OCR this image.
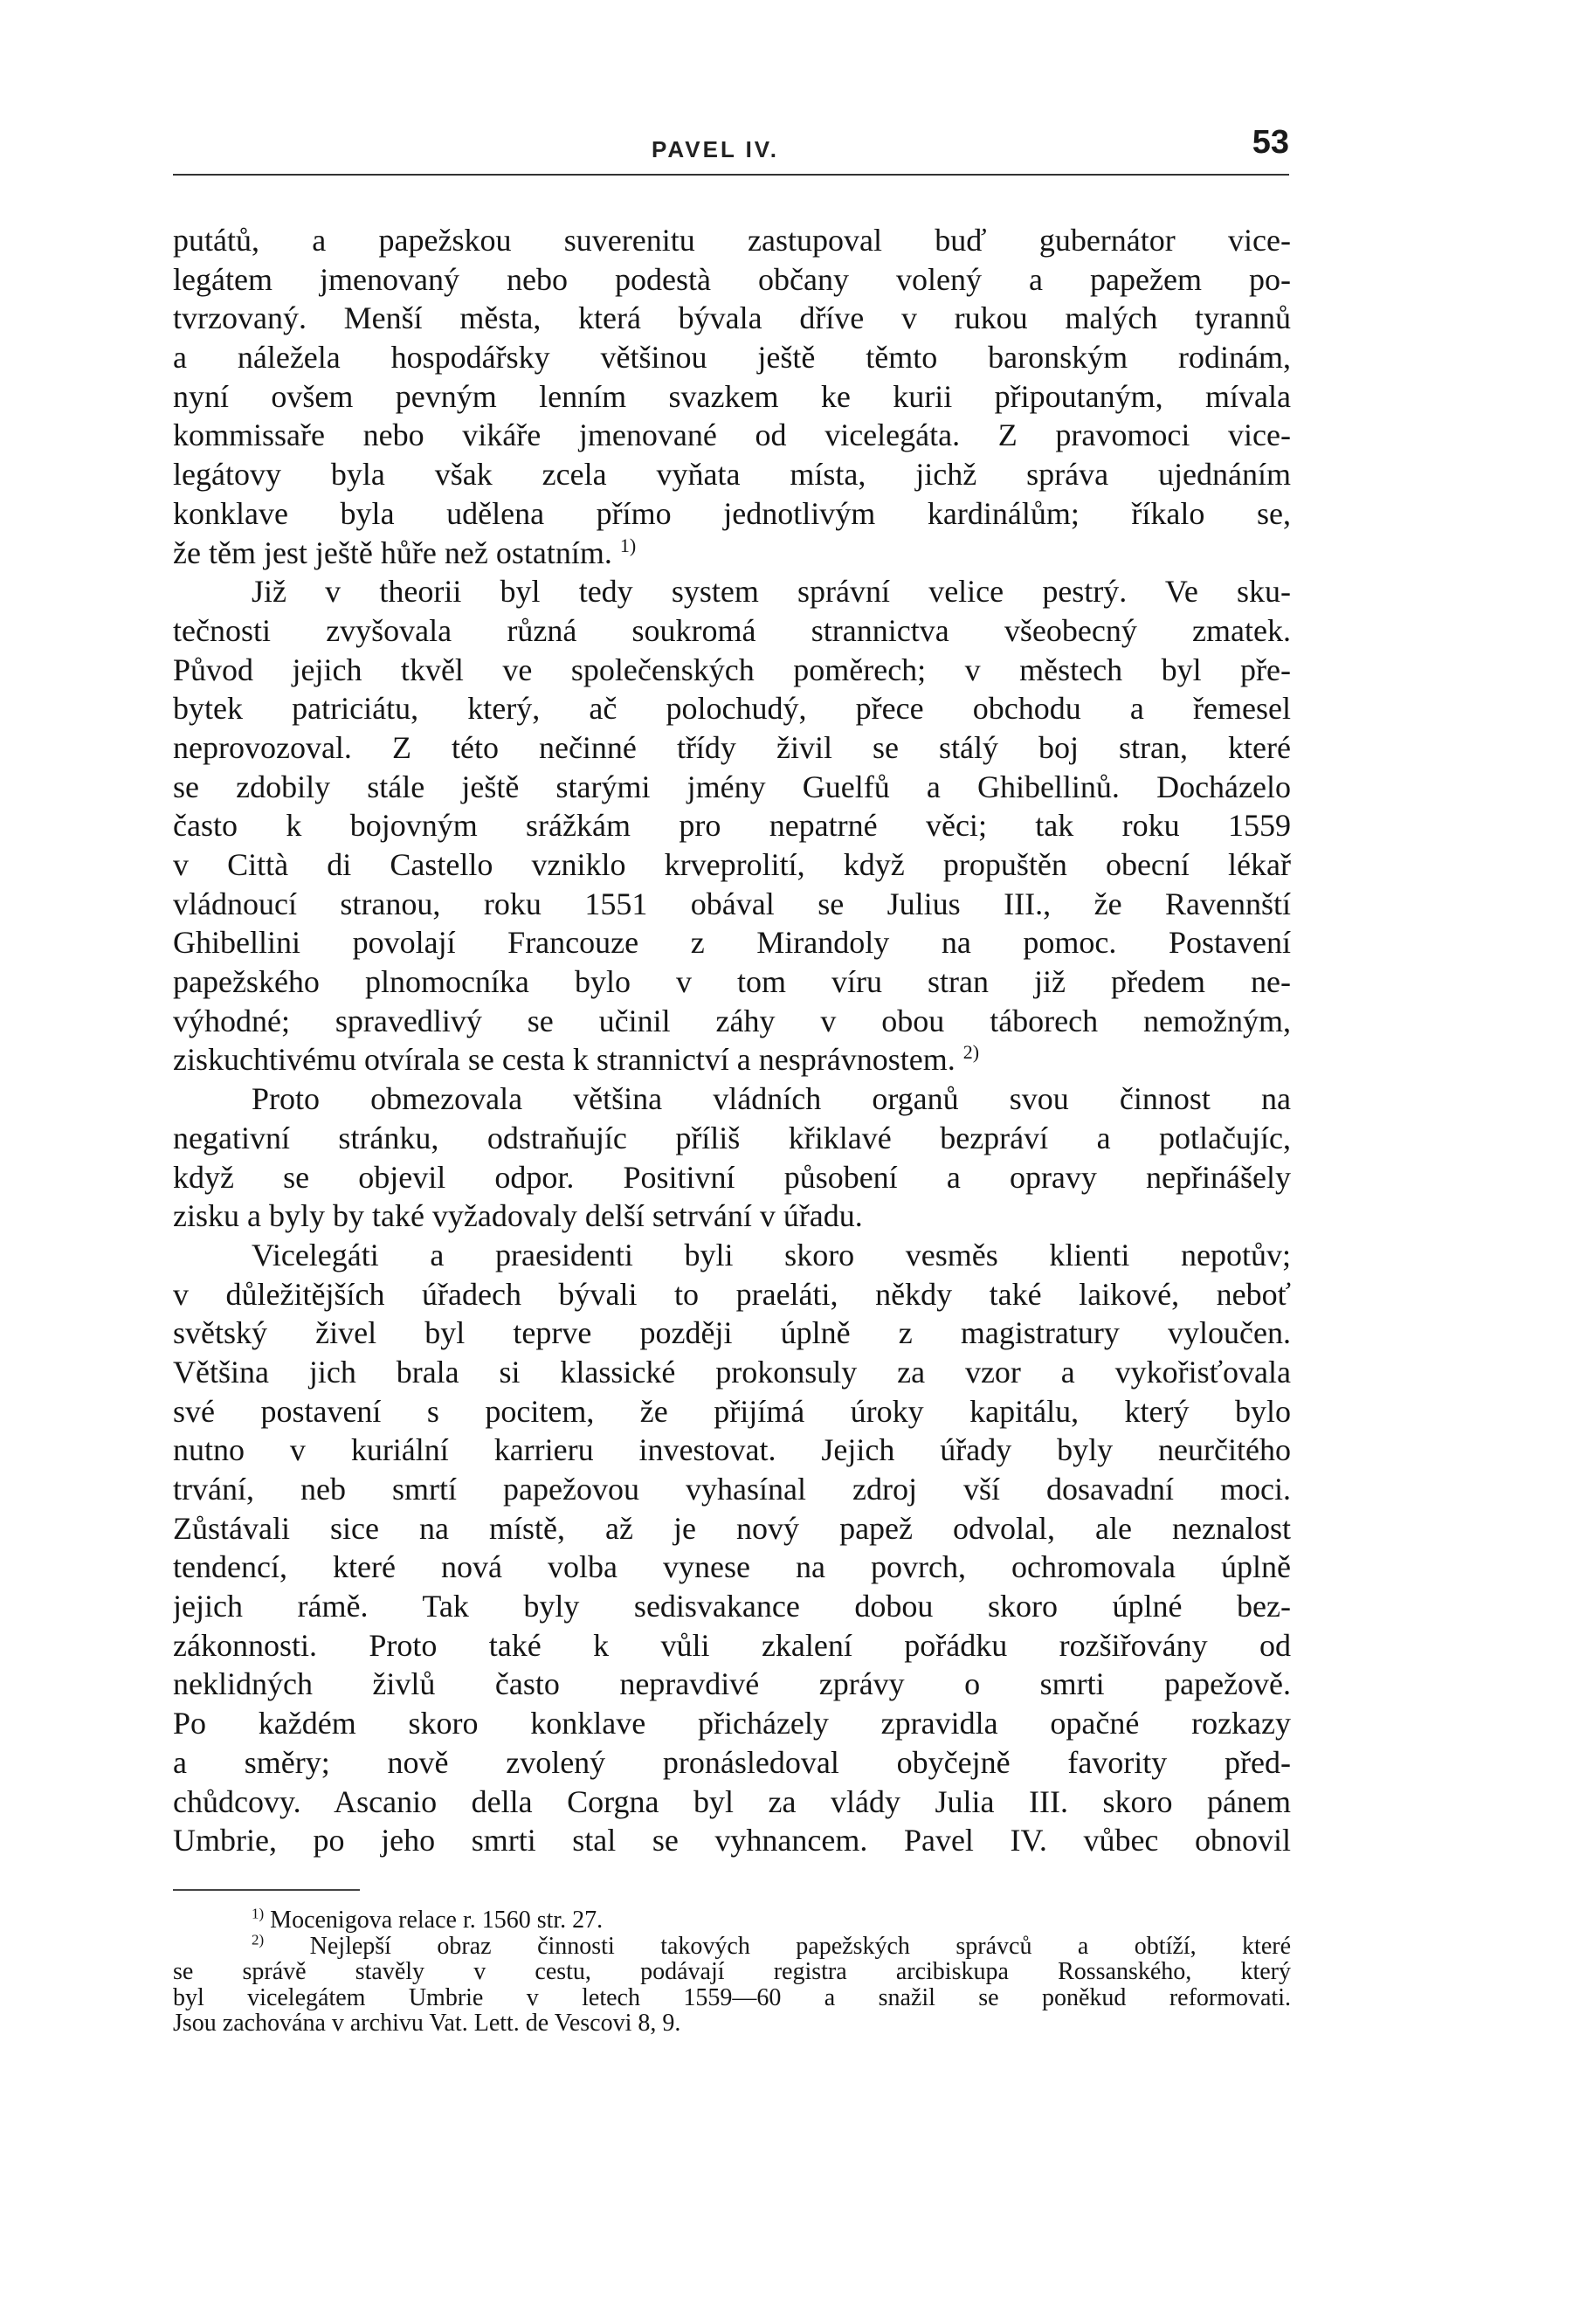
PAVEL IV.	53
putátů, a papežskou suverenitu zastupoval buď gubernátor vice-
legátem jmenovaný nebo podestà občany volený a papežem po-
tvrzovaný. Menší města, která bývala dříve v rukou malých tyrannů
a náležela hospodářsky většinou ještě těmto baronským rodinám,
nyní ovšem pevným lenním svazkem ke kurii připoutaným, mívala
kommissaře nebo vikáře jmenované od vicelegáta. Z pravomoci vice-
legátovy byla však zcela vyňata místa, jichž správa ujednáním
konklave byla udělena přímo jednotlivým kardinálům; říkalo se,
že těm jest ještě hůře než ostatním. $^{1)}$
Již v theorii byl tedy system správní velice pestrý. Ve sku-
tečnosti zvyšovala různá soukromá strannictva všeobecný zmatek.
Původ jejich tkvěl ve společenských poměrech; v městech byl pře-
bytek patriciátu, který, ač polochudý, přece obchodu a řemesel
neprovozoval. Z této nečinné třídy živil se stálý boj stran, které
se zdobily stále ještě starými jmény Guelfů a Ghibellinů. Docházelo
často k bojovným srážkám pro nepatrné věci; tak roku 1559
v Città di Castello vzniklo krveprolití, když propuštěn obecní lékař
vládnoucí stranou, roku 1551 obával se Julius III., že Ravennští
Ghibellini povolají Francouze z Mirandoly na pomoc. Postavení
papežského plnomocníka bylo v tom víru stran již předem ne-
výhodné; spravedlivý se učinil záhy v obou táborech nemožným,
ziskuchtivému otvírala se cesta k strannictví a nesprávnostem. $^{2)}$
Proto obmezovala většina vládních organů svou činnost na
negativní stránku, odstraňujíc příliš křiklavé bezpráví a potlačujíc,
když se objevil odpor. Positivní působení a opravy nepřinášely
zisku a byly by také vyžadovaly delší setrvání v úřadu.
Vicelegáti a praesidenti byli skoro vesměs klienti nepotův;
v důležitějších úřadech bývali to praeláti, někdy také laikové, neboť
světský živel byl teprve později úplně z magistratury vyloučen.
Většina jich brala si klassické prokonsuly za vzor a vykořisťovala
své postavení s pocitem, že přijímá úroky kapitálu, který bylo
nutno v kuriální karrieru investovat. Jejich úřady byly neurčitého
trvání, neb smrtí papežovou vyhasínal zdroj vší dosavadní moci.
Zůstávali sice na místě, až je nový papež odvolal, ale neznalost
tendencí, které nová volba vynese na povrch, ochromovala úplně
jejich rámě. Tak byly sedisvakance dobou skoro úplné bez-
zákonnosti. Proto také k vůli zkalení pořádku rozšiřovány od
neklidných živlů často nepravdivé zprávy o smrti papežově.
Po každém skoro konklave přicházely zpravidla opačné rozkazy
a směry; nově zvolený pronásledoval obyčejně favority před-
chůdcovy. Ascanio della Corgna byl za vlády Julia III. skoro pánem
Umbrie, po jeho smrti stal se vyhnancem. Pavel IV. vůbec obnovil
$^{1)}$ Mocenigova relace r. 1560 str. 27.
$^{2)}$ Nejlepší obraz činnosti takových papežských správců a obtíží, které
se správě stavěly v cestu, podávají registra arcibiskupa Rossanského, který
byl vicelegátem Umbrie v letech 1559—60 a snažil se poněkud reformovati.
Jsou zachována v archivu Vat. Lett. de Vescovi 8, 9.
